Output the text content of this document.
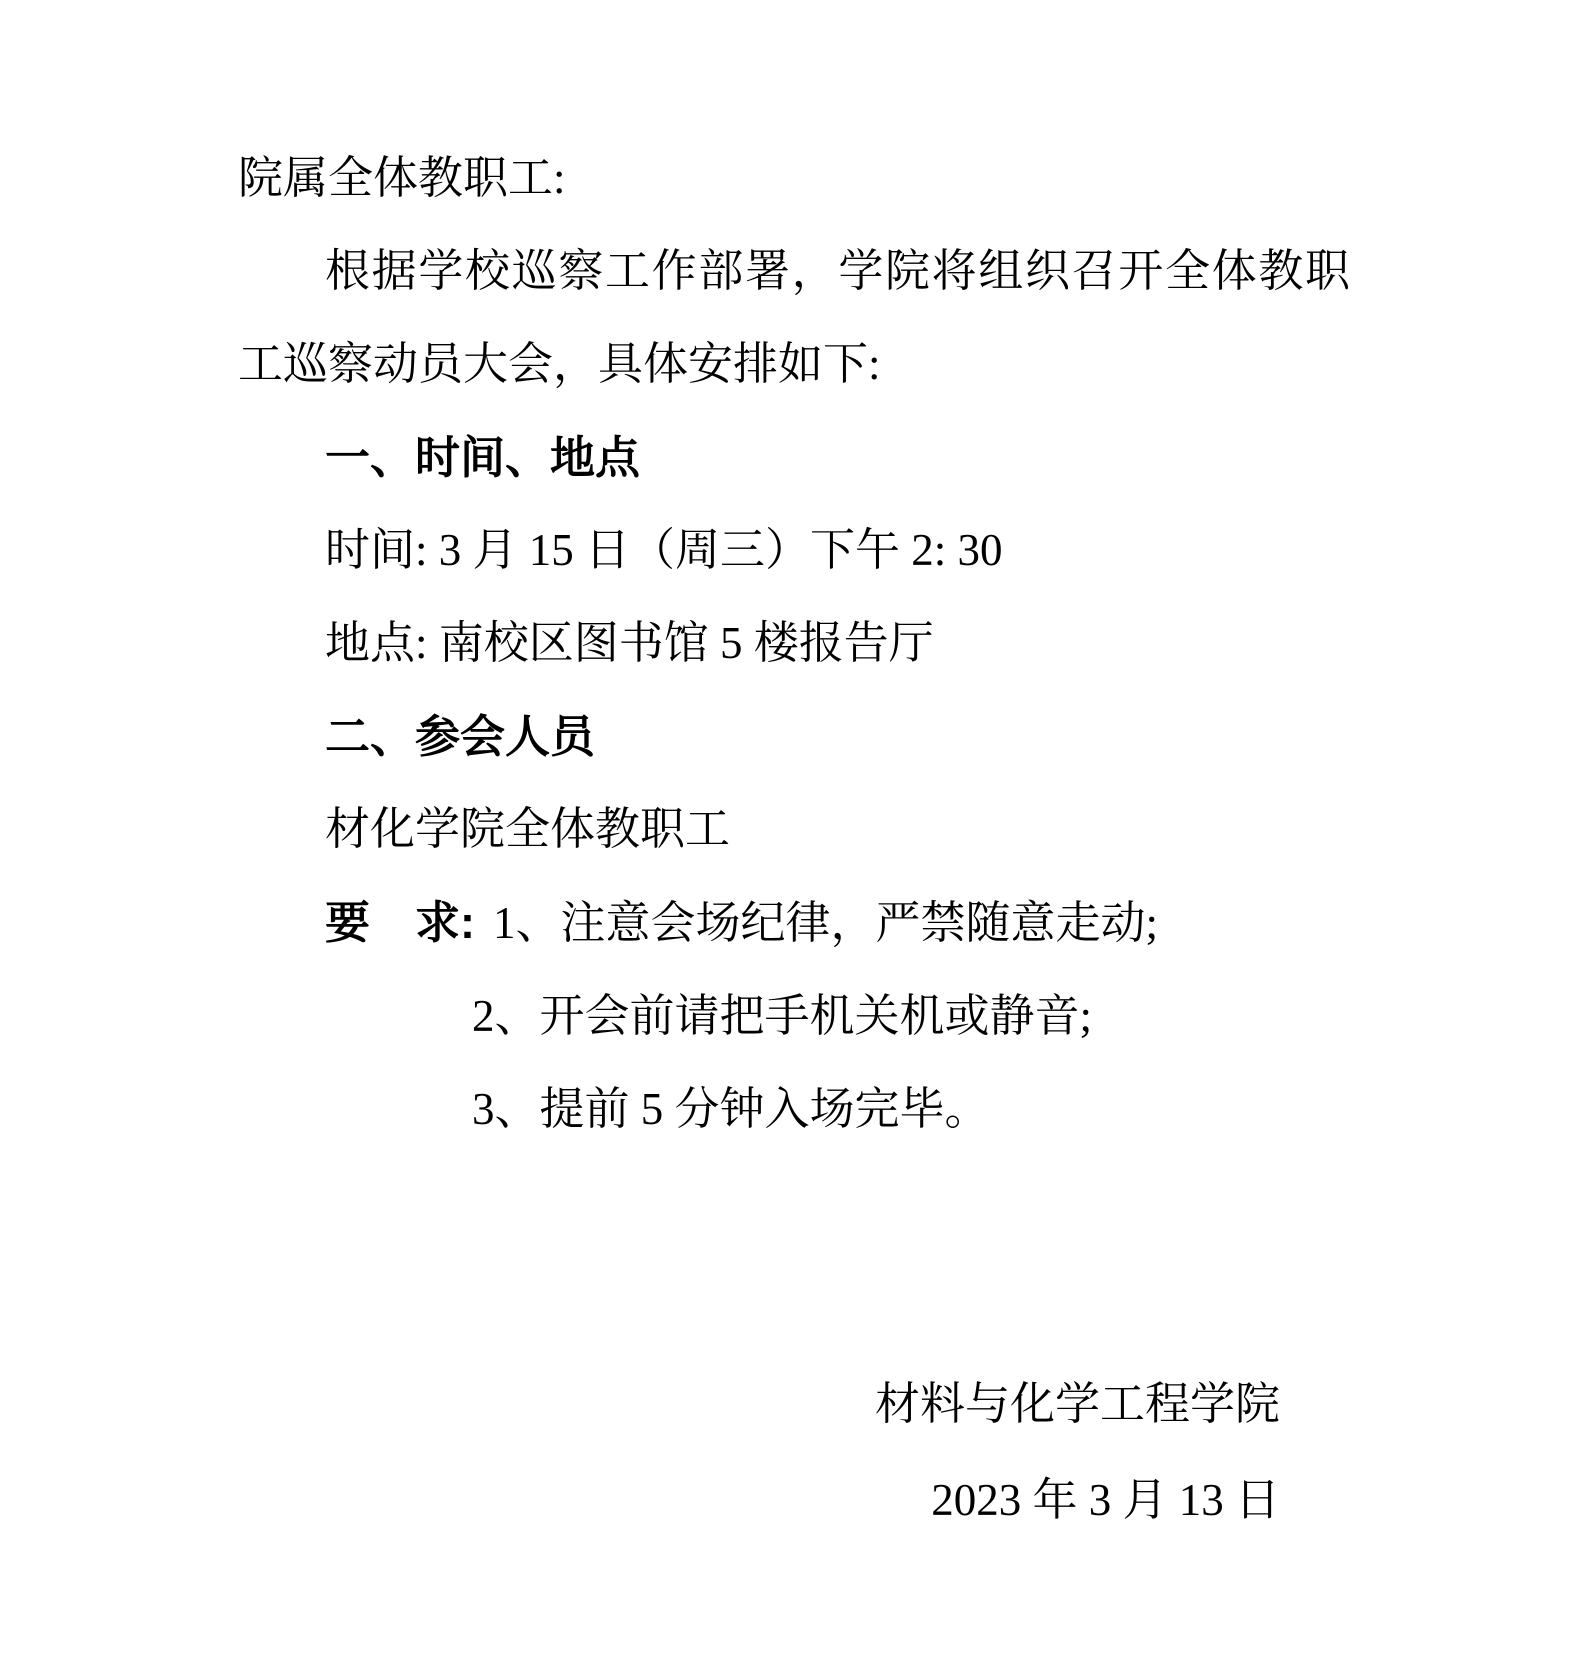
院属全体教职工:

根据学校巡察工作部署，学院将组织召开全体教职工巡察动员大会，具体安排如下:

一、时间、地点

时间: 3 月 15 日（周三）下午 2: 30

地点: 南校区图书馆 5 楼报告厅

二、参会人员

材化学院全体教职工

要　求: 1、注意会场纪律，严禁随意走动;

2、开会前请把手机关机或静音;

3、提前 5 分钟入场完毕。

材料与化学工程学院

2023 年 3 月 13 日
